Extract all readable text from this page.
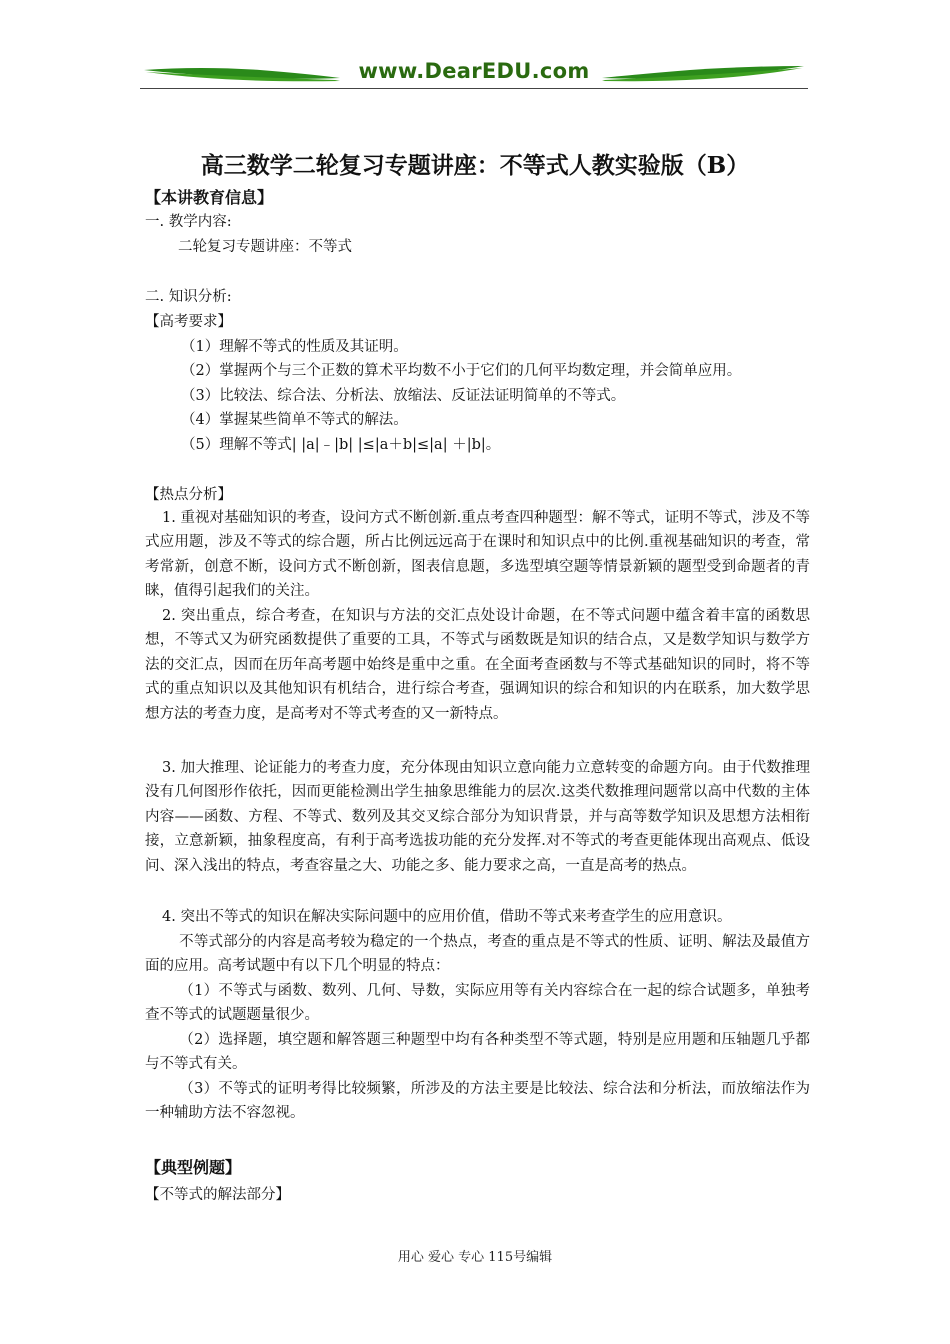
www.DearEDU.com
高三数学二轮复习专题讲座：不等式人教实验版（B）
【本讲教育信息】
一. 教学内容:
二轮复习专题讲座：不等式
二. 知识分析:
【高考要求】
（1）理解不等式的性质及其证明。
（2）掌握两个与三个正数的算术平均数不小于它们的几何平均数定理，并会简单应用。
（3）比较法、综合法、分析法、放缩法、反证法证明简单的不等式。
（4）掌握某些简单不等式的解法。
（5）理解不等式| |a|﹣|b| |≤|a＋b|≤|a| ＋|b|。
【热点分析】
1. 重视对基础知识的考查，设问方式不断创新.重点考查四种题型：解不等式，证明不等式，涉及不等式应用题，涉及不等式的综合题，所占比例远远高于在课时和知识点中的比例.重视基础知识的考查，常考常新，创意不断，设问方式不断创新，图表信息题，多选型填空题等情景新颖的题型受到命题者的青睐，值得引起我们的关注。
2. 突出重点，综合考查，在知识与方法的交汇点处设计命题，在不等式问题中蕴含着丰富的函数思想，不等式又为研究函数提供了重要的工具，不等式与函数既是知识的结合点，又是数学知识与数学方法的交汇点，因而在历年高考题中始终是重中之重。在全面考查函数与不等式基础知识的同时，将不等式的重点知识以及其他知识有机结合，进行综合考查，强调知识的综合和知识的内在联系，加大数学思想方法的考查力度，是高考对不等式考查的又一新特点。
3. 加大推理、论证能力的考查力度，充分体现由知识立意向能力立意转变的命题方向。由于代数推理没有几何图形作依托，因而更能检测出学生抽象思维能力的层次.这类代数推理问题常以高中代数的主体内容——函数、方程、不等式、数列及其交叉综合部分为知识背景，并与高等数学知识及思想方法相衔接，立意新颖，抽象程度高，有利于高考选拔功能的充分发挥.对不等式的考查更能体现出高观点、低设问、深入浅出的特点，考查容量之大、功能之多、能力要求之高，一直是高考的热点。
4. 突出不等式的知识在解决实际问题中的应用价值，借助不等式来考查学生的应用意识。
不等式部分的内容是高考较为稳定的一个热点，考查的重点是不等式的性质、证明、解法及最值方面的应用。高考试题中有以下几个明显的特点：
（1）不等式与函数、数列、几何、导数，实际应用等有关内容综合在一起的综合试题多，单独考查不等式的试题题量很少。
（2）选择题，填空题和解答题三种题型中均有各种类型不等式题，特别是应用题和压轴题几乎都与不等式有关。
（3）不等式的证明考得比较频繁，所涉及的方法主要是比较法、综合法和分析法，而放缩法作为一种辅助方法不容忽视。
【典型例题】
【不等式的解法部分】
用心 爱心 专心 115号编辑
